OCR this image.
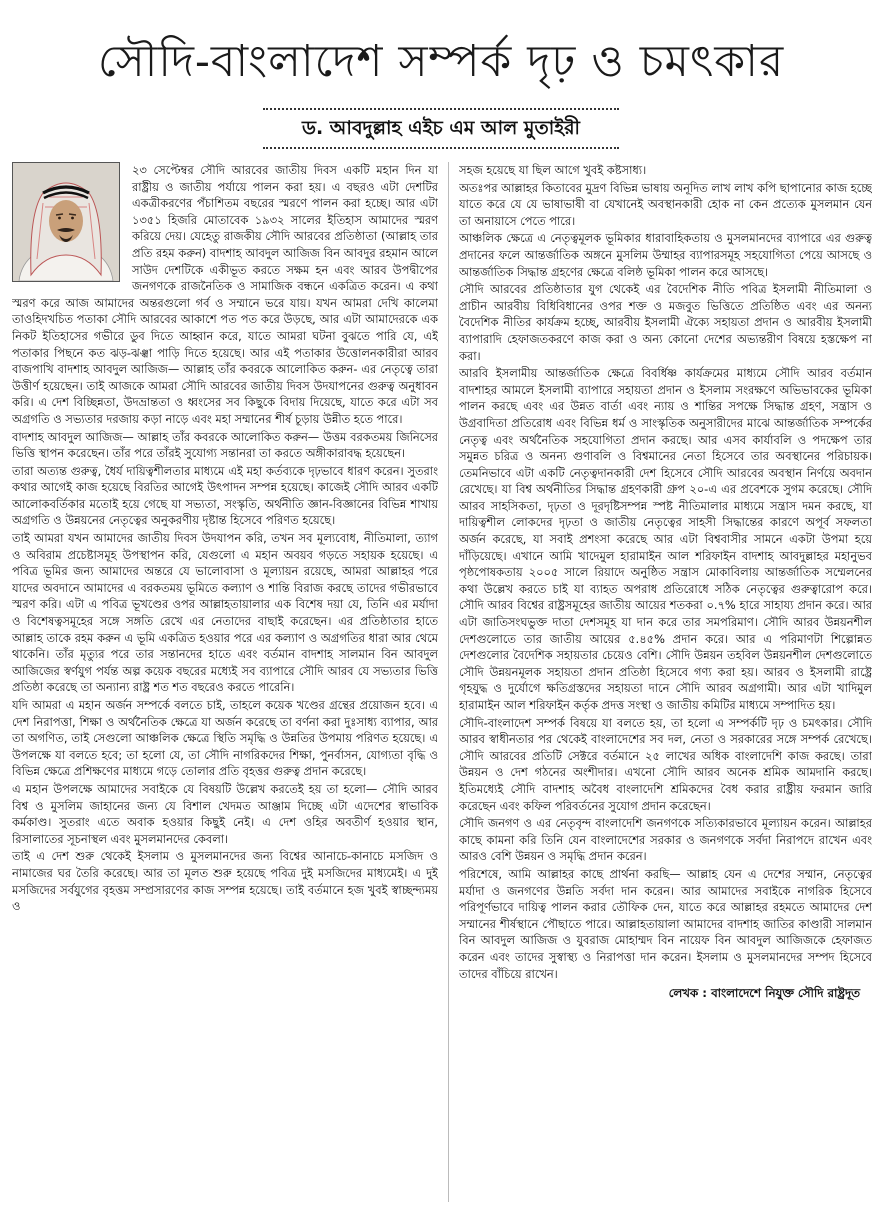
সৌদি-বাংলাদেশ সম্পর্ক দৃঢ় ও চমৎকার
ড. আবদুল্লাহ এইচ এম আল মুতাইরী

২৩ সেপ্টেম্বর সৌদি আরবের জাতীয় দিবস একটি মহান দিন যা রাষ্ট্রীয় ও জাতীয় পর্যায়ে পালন করা হয়। এ বছরও এটা দেশটির একত্রীকরণের পঁচাশিতম বছরের স্মরণে পালন করা হচ্ছে। আর এটা ১৩৫১ হিজরি মোতাবেক ১৯৩২ সালের ইতিহাস আমাদের স্মরণ করিয়ে দেয়। যেহেতু রাজকীয় সৌদি আরবের প্রতিষ্ঠাতা (আল্লাহ তার প্রতি রহম করুন) বাদশাহ আবদুল আজিজ বিন আবদুর রহমান আলে সাউদ দেশটিকে একীভূত করতে সক্ষম হন এবং আরব উপদ্বীপের জনগণকে রাজনৈতিক ও সামাজিক বন্ধনে একত্রিত করেন। এ কথা স্মরণ করে আজ আমাদের অন্তরগুলো গর্ব ও সম্মানে ভরে যায়। যখন আমরা দেখি কালেমা তাওহিদখচিত পতাকা সৌদি আরবের আকাশে পত পত করে উড়ছে, আর এটা আমাদেরকে এক নিকট ইতিহাসের গভীরে ডুব দিতে আহ্বান করে, যাতে আমরা ঘটনা বুঝতে পারি যে, এই পতাকার পিছনে কত ঝড়-ঝঞ্ঝা পাড়ি দিতে হয়েছে। আর এই পতাকার উত্তোলনকারীরা আরব বাজপাখি বাদশাহ আবদুল আজিজ— আল্লাহ তাঁর কবরকে আলোকিত করুন- এর নেতৃত্বে তারা উত্তীর্ণ হয়েছেন। তাই আজকে আমরা সৌদি আরবের জাতীয় দিবস উদযাপনের গুরুত্ব অনুধাবন করি। এ দেশ বিচ্ছিন্নতা, উদভ্রান্ততা ও ধ্বংসের সব কিছুকে বিদায় দিয়েছে, যাতে করে এটা সব অগ্রগতি ও সভ্যতার দরজায় কড়া নাড়ে এবং মহা সম্মানের শীর্ষ চূড়ায় উন্নীত হতে পারে।

বাদশাহ আবদুল আজিজ— আল্লাহ তাঁর কবরকে আলোকিত করুন— উত্তম বরকতময় জিনিসের ভিত্তি স্থাপন করেছেন। তাঁর পরে তাঁরই সুযোগ্য সন্তানরা তা করতে অঙ্গীকারাবদ্ধ হয়েছেন।

তারা অত্যন্ত গুরুত্ব, ধৈর্য দায়িত্বশীলতার মাধ্যমে এই মহা কর্তব্যকে দৃঢ়ভাবে ধারণ করেন। সুতরাং কথার আগেই কাজ হয়েছে বিরতির আগেই উৎপাদন সম্পন্ন হয়েছে। কাজেই সৌদি আরব একটি আলোকবর্তিকার মতোই হয়ে গেছে যা সভ্যতা, সংস্কৃতি, অর্থনীতি জ্ঞান-বিজ্ঞানের বিভিন্ন শাখায় অগ্রগতি ও উন্নয়নের নেতৃত্বের অনুকরণীয় দৃষ্টান্ত হিসেবে পরিণত হয়েছে।

তাই আমরা যখন আমাদের জাতীয় দিবস উদযাপন করি, তখন সব মূল্যবোধ, নীতিমালা, ত্যাগ ও অবিরাম প্রচেষ্টাসমূহ উপস্থাপন করি, যেগুলো এ মহান অবয়ব গড়তে সহায়ক হয়েছে। এ পবিত্র ভূমির জন্য আমাদের অন্তরে যে ভালোবাসা ও মূল্যায়ন রয়েছে, আমরা আল্লাহর পরে যাদের অবদানে আমাদের এ বরকতময় ভূমিতে কল্যাণ ও শান্তি বিরাজ করছে তাদের গভীরভাবে স্মরণ করি। এটা এ পবিত্র ভূখণ্ডের ওপর আল্লাহতায়ালার এক বিশেষ দয়া যে, তিনি এর মর্যাদা ও বিশেষত্বসমূহের সঙ্গে সঙ্গতি রেখে এর নেতাদের বাছাই করেছেন। এর প্রতিষ্ঠাতার হাতে আল্লাহ তাকে রহম করুন এ ভূমি একত্রিত হওয়ার পরে এর কল্যাণ ও অগ্রগতির ধারা আর থেমে থাকেনি। তাঁর মৃত্যুর পরে তার সন্তানদের হাতে এবং বর্তমান বাদশাহ সালমান বিন আবদুল আজিজের স্বর্ণযুগ পর্যন্ত অল্প কয়েক বছরের মধ্যেই সব ব্যাপারে সৌদি আরব যে সভ্যতার ভিত্তি প্রতিষ্ঠা করেছে তা অন্যান্য রাষ্ট্র শত শত বছরেও করতে পারেনি।

যদি আমরা এ মহান অর্জন সম্পর্কে বলতে চাই, তাহলে কয়েক খণ্ডের গ্রন্থের প্রয়োজন হবে। এ দেশ নিরাপত্তা, শিক্ষা ও অর্থনৈতিক ক্ষেত্রে যা অর্জন করেছে তা বর্ণনা করা দুঃসাধ্য ব্যাপার, আর তা অগণিত, তাই সেগুলো আঞ্চলিক ক্ষেত্রে স্থিতি সমৃদ্ধি ও উন্নতির উপমায় পরিণত হয়েছে। এ উপলক্ষে যা বলতে হবে; তা হলো যে, তা সৌদি নাগরিকদের শিক্ষা, পুনর্বাসন, যোগ্যতা বৃদ্ধি ও বিভিন্ন ক্ষেত্রে প্রশিক্ষণের মাধ্যমে গড়ে তোলার প্রতি বৃহত্তর গুরুত্ব প্রদান করেছে।

এ মহান উপলক্ষে আমাদের সবাইকে যে বিষয়টি উল্লেখ করতেই হয় তা হলো— সৌদি আরব বিশ্ব ও মুসলিম জাহানের জন্য যে বিশাল খেদমত আঞ্জাম দিচ্ছে এটা এদেশের স্বাভাবিক কর্মকাণ্ড। সুতরাং এতে অবাক হওয়ার কিছুই নেই। এ দেশ ওহির অবতীর্ণ হওয়ার স্থান, রিসালাতের সূচনাস্থল এবং মুসলমানদের কেবলা।

তাই এ দেশ শুরু থেকেই ইসলাম ও মুসলমানদের জন্য বিশ্বের আনাচে-কানাচে মসজিদ ও নামাজের ঘর তৈরি করেছে। আর তা মূলত শুরু হয়েছে পবিত্র দুই মসজিদের মাধ্যমেই। এ দুই মসজিদের সর্বযুগের বৃহত্তম সম্প্রসারণের কাজ সম্পন্ন হয়েছে। তাই বর্তমানে হজ খুবই স্বাচ্ছন্দ্যময় ও

সহজ হয়েছে যা ছিল আগে খুবই কষ্টসাধ্য।

অতঃপর আল্লাহর কিতাবের মুদ্রণ বিভিন্ন ভাষায় অনূদিত লাখ লাখ কপি ছাপানোর কাজ হচ্ছে যাতে করে যে যে ভাষাভাষী বা যেখানেই অবস্থানকারী হোক না কেন প্রত্যেক মুসলমান যেন তা অনায়াসে পেতে পারে।

আঞ্চলিক ক্ষেত্রে এ নেতৃত্বমূলক ভূমিকার ধারাবাহিকতায় ও মুসলমানদের ব্যাপারে এর গুরুত্ব প্রদানের ফলে আন্তর্জাতিক অঙ্গনে মুসলিম উম্মাহর ব্যাপারসমূহ সহযোগিতা পেয়ে আসছে ও আন্তর্জাতিক সিদ্ধান্ত গ্রহণের ক্ষেত্রে বলিষ্ঠ ভূমিকা পালন করে আসছে।

সৌদি আরবের প্রতিষ্ঠাতার যুগ থেকেই এর বৈদেশিক নীতি পবিত্র ইসলামী নীতিমালা ও প্রাচীন আরবীয় বিধিবিধানের ওপর শক্ত ও মজবুত ভিত্তিতে প্রতিষ্ঠিত এবং এর অনন্য বৈদেশিক নীতির কার্যক্রম হচ্ছে, আরবীয় ইসলামী ঐক্যে সহায়তা প্রদান ও আরবীয় ইসলামী ব্যাপারাদি হেফাজতকরণে কাজ করা ও অন্য কোনো দেশের অভ্যন্তরীণ বিষয়ে হস্তক্ষেপ না করা।

আরবি ইসলামীয় আন্তর্জাতিক ক্ষেত্রে বিবর্ধিষ্ণ কার্যক্রমের মাধ্যমে সৌদি আরব বর্তমান বাদশাহর আমলে ইসলামী ব্যাপারে সহায়তা প্রদান ও ইসলাম সংরক্ষণে অভিভাবকের ভূমিকা পালন করছে এবং এর উন্নত বার্তা এবং ন্যায় ও শান্তির সপক্ষে সিদ্ধান্ত গ্রহণ, সন্ত্রাস ও উগ্রবাদিতা প্রতিরোধ এবং বিভিন্ন ধর্ম ও সাংস্কৃতিক অনুসারীদের মাঝে আন্তর্জাতিক সম্পর্কের নেতৃত্ব এবং অর্থনৈতিক সহযোগিতা প্রদান করছে। আর এসব কার্যাবলি ও পদক্ষেপ তার সমুন্নত চরিত্র ও অনন্য গুণাবলি ও বিশ্বমানের নেতা হিসেবে তার অবস্থানের পরিচায়ক। তেমনিভাবে এটা একটি নেতৃত্বদানকারী দেশ হিসেবে সৌদি আরবের অবস্থান নির্ণয়ে অবদান রেখেছে। যা বিশ্ব অর্থনীতির সিদ্ধান্ত গ্রহণকারী গ্রুপ ২০-এ এর প্রবেশকে সুগম করেছে। সৌদি আরব সাহসিকতা, দৃঢ়তা ও দূরদৃষ্টিসম্পন্ন স্পষ্ট নীতিমালার মাধ্যমে সন্ত্রাস দমন করছে, যা দায়িত্বশীল লোকদের দৃঢ়তা ও জাতীয় নেতৃত্বের সাহসী সিদ্ধান্তের কারণে অপূর্ব সফলতা অর্জন করেছে, যা সবাই প্রশংসা করেছে আর এটা বিশ্ববাসীর সামনে একটা উপমা হয়ে দাঁড়িয়েছে। এখানে আমি খাদেমুল হারামাইন আল শরিফাইন বাদশাহ আবদুল্লাহর মহানুভব পৃষ্ঠপোষকতায় ২০০৫ সালে রিয়াদে অনুষ্ঠিত সন্ত্রাস মোকাবিলায় আন্তর্জাতিক সম্মেলনের কথা উল্লেখ করতে চাই যা ব্যাহত অপরাধ প্রতিরোধে সঠিক নেতৃত্বের গুরুত্বারোপ করে। সৌদি আরব বিশ্বের রাষ্ট্রসমূহের জাতীয় আয়ের শতকরা ০.৭% হারে সাহায্য প্রদান করে। আর এটা জাতিসংঘভুক্ত দাতা দেশসমূহ যা দান করে তার সমপরিমাণ। সৌদি আরব উন্নয়নশীল দেশগুলোতে তার জাতীয় আয়ের ৫.৪৫% প্রদান করে। আর এ পরিমাণটা শিল্পোন্নত দেশগুলোর বৈদেশিক সহায়তার চেয়েও বেশি। সৌদি উন্নয়ন তহবিল উন্নয়নশীল দেশগুলোতে সৌদি উন্নয়নমূলক সহায়তা প্রদান প্রতিষ্ঠা হিসেবে গণ্য করা হয়। আরব ও ইসলামী রাষ্ট্রে গৃহযুদ্ধ ও দুর্যোগে ক্ষতিগ্রস্তদের সহায়তা দানে সৌদি আরব অগ্রগামী। আর এটা খাদিমুল হারামাইন আল শরিফাইন কর্তৃক প্রদত্ত সংস্থা ও জাতীয় কমিটির মাধ্যমে সম্পাদিত হয়।

সৌদি-বাংলাদেশ সম্পর্ক বিষয়ে যা বলতে হয়, তা হলো এ সম্পর্কটি দৃঢ় ও চমৎকার। সৌদি আরব স্বাধীনতার পর থেকেই বাংলাদেশের সব দল, নেতা ও সরকারের সঙ্গে সম্পর্ক রেখেছে। সৌদি আরবের প্রতিটি সেক্টরে বর্তমানে ২৫ লাখের অধিক বাংলাদেশি কাজ করছে। তারা উন্নয়ন ও দেশ গঠনের অংশীদার। এখনো সৌদি আরব অনেক শ্রমিক আমদানি করছে। ইতিমধ্যেই সৌদি বাদশাহ অবৈধ বাংলাদেশি শ্রমিকদের বৈধ করার রাষ্ট্রীয় ফরমান জারি করেছেন এবং কফিল পরিবর্তনের সুযোগ প্রদান করেছেন।

সৌদি জনগণ ও এর নেতৃবৃন্দ বাংলাদেশি জনগণকে সত্যিকারভাবে মূল্যায়ন করেন। আল্লাহর কাছে কামনা করি তিনি যেন বাংলাদেশের সরকার ও জনগণকে সর্বদা নিরাপদে রাখেন এবং আরও বেশি উন্নয়ন ও সমৃদ্ধি প্রদান করেন।

পরিশেষে, আমি আল্লাহর কাছে প্রার্থনা করছি— আল্লাহ যেন এ দেশের সম্মান, নেতৃত্বের মর্যাদা ও জনগণের উন্নতি সর্বদা দান করেন। আর আমাদের সবাইকে নাগরিক হিসেবে পরিপূর্ণভাবে দায়িত্ব পালন করার তৌফিক দেন, যাতে করে আল্লাহর রহমতে আমাদের দেশ সম্মানের শীর্ষস্থানে পৌছাতে পারে। আল্লাহতায়ালা আমাদের বাদশাহ জাতির কাণ্ডারী সালমান বিন আবদুল আজিজ ও যুবরাজ মোহাম্মদ বিন নায়েফ বিন আবদুল আজিজকে হেফাজত করেন এবং তাদের সুস্বাস্থ্য ও নিরাপত্তা দান করেন। ইসলাম ও মুসলমানদের সম্পদ হিসেবে তাদের বাঁচিয়ে রাখেন।

লেখক : বাংলাদেশে নিযুক্ত সৌদি রাষ্ট্রদূত
